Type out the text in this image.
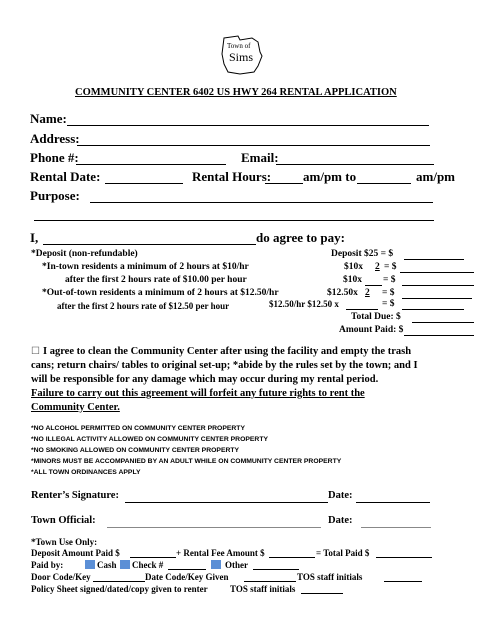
Town of
Sims
COMMUNITY CENTER 6402 US HWY 264 RENTAL APPLICATION
Name:
Address:
Phone #:	Email:
Rental Date:	Rental Hours: am/pm to	am/pm
Purpose:
I,	do agree to pay:
*Deposit (non-refundable)	Deposit $25 = $
*In-town residents a minimum of 2 hours at $10/hr	$10x 2 = $
after the first 2 hours rate of $10.00 per hour	$10x = $
*Out-of-town residents a minimum of 2 hours at $12.50/hr	$12.50x 2 = $
after the first 2 hours rate of $12.50 per hour	$12.50/hr $12.50 x	= $
Total Due: $
Amount Paid: $
☐ I agree to clean the Community Center after using the facility and empty the trash
cans; return chairs/ tables to original set-up; *abide by the rules set by the town; and I
will be responsible for any damage which may occur during my rental period.
Failure to carry out this agreement will forfeit any future rights to rent the
Community Center.
*NO ALCOHOL PERMITTED ON COMMUNITY CENTER PROPERTY
*NO ILLEGAL ACTIVITY ALLOWED ON COMMUNITY CENTER PROPERTY
*NO SMOKING ALLOWED ON COMMUNITY CENTER PROPERTY
*MINORS MUST BE ACCOMPANIED BY AN ADULT WHILE ON COMMUNITY CENTER PROPERTY
*ALL TOWN ORDINANCES APPLY
Renter’s Signature:	Date:
Town Official:	Date:
*Town Use Only:
Deposit Amount Paid $	+ Rental Fee Amount $	= Total Paid $
Paid by:	Cash Check #	Other
Door Code/Key	Date Code/Key Given	TOS staff initials
Policy Sheet signed/dated/copy given to renter TOS staff initials
